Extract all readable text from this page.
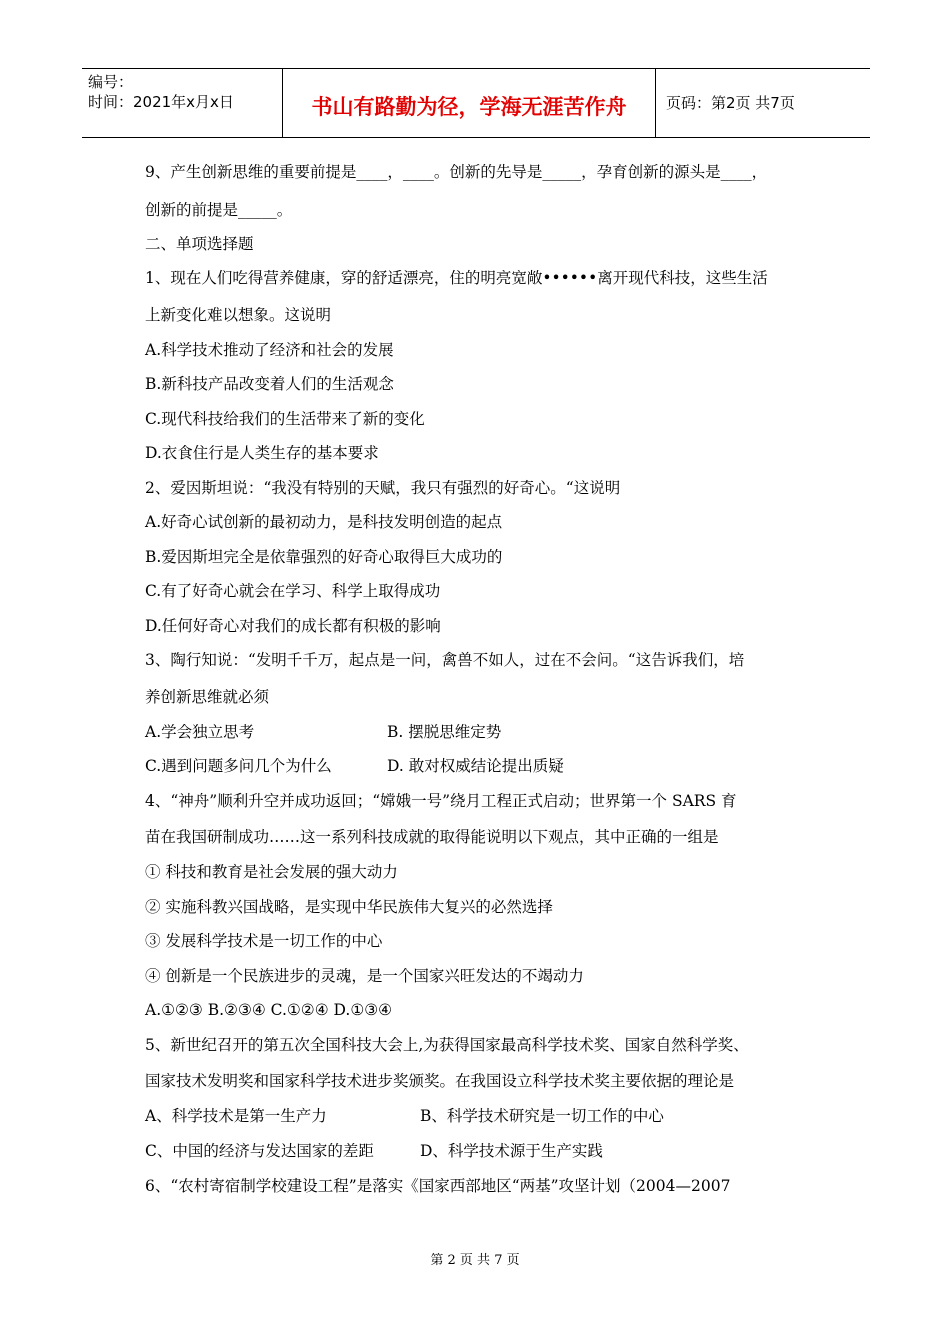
编号：
时间：2021年x月x日	书山有路勤为径，学海无涯苦作舟	页码：第2页 共7页
9、产生创新思维的重要前提是____，____。创新的先导是_____，孕育创新的源头是____，
创新的前提是_____。
二、单项选择题
1、现在人们吃得营养健康，穿的舒适漂亮，住的明亮宽敞••••••离开现代科技，这些生活
上新变化难以想象。这说明
A.科学技术推动了经济和社会的发展
B.新科技产品改变着人们的生活观念
C.现代科技给我们的生活带来了新的变化
D.衣食住行是人类生存的基本要求
2、爱因斯坦说：“我没有特别的天赋，我只有强烈的好奇心。“这说明
A.好奇心试创新的最初动力，是科技发明创造的起点
B.爱因斯坦完全是依靠强烈的好奇心取得巨大成功的
C.有了好奇心就会在学习、科学上取得成功
D.任何好奇心对我们的成长都有积极的影响
3、陶行知说：“发明千千万，起点是一问，禽兽不如人，过在不会问。“这告诉我们，培
养创新思维就必须
A.学会独立思考	B. 摆脱思维定势
C.遇到问题多问几个为什么	D. 敢对权威结论提出质疑
4、“神舟”顺利升空并成功返回；“嫦娥一号”绕月工程正式启动；世界第一个 SARS 育
苗在我国研制成功……这一系列科技成就的取得能说明以下观点，其中正确的一组是
① 科技和教育是社会发展的强大动力
② 实施科教兴国战略，是实现中华民族伟大复兴的必然选择
③ 发展科学技术是一切工作的中心
④ 创新是一个民族进步的灵魂，是一个国家兴旺发达的不竭动力
A.①②③ B.②③④ C.①②④ D.①③④
5、新世纪召开的第五次全国科技大会上,为获得国家最高科学技术奖、国家自然科学奖、
国家技术发明奖和国家科学技术进步奖颁奖。在我国设立科学技术奖主要依据的理论是
A、科学技术是第一生产力	B、科学技术研究是一切工作的中心
C、中国的经济与发达国家的差距	D、科学技术源于生产实践
6、“农村寄宿制学校建设工程”是落实《国家西部地区“两基”攻坚计划（2004—2007
第 2 页 共 7 页
